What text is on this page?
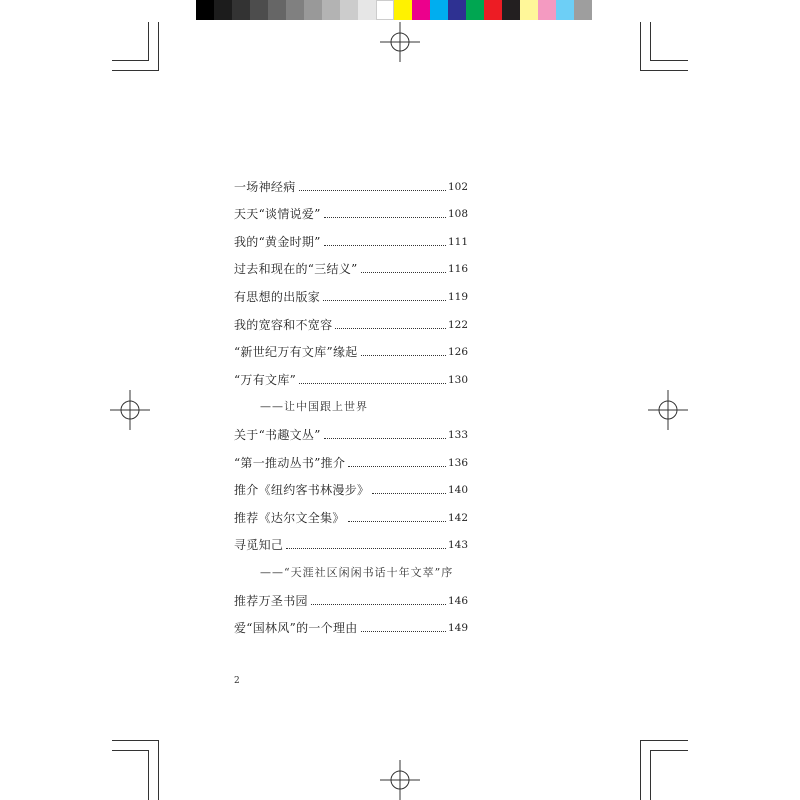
一场神经病	102
天天“谈情说爱”	108
我的“黄金时期”	111
过去和现在的“三结义”	116
有思想的出版家	119
我的宽容和不宽容	122
“新世纪万有文库”缘起	126
“万有文库”	130
——让中国跟上世界
关于“书趣文丛”	133
“第一推动丛书”推介	136
推介《纽约客书林漫步》	140
推荐《达尔文全集》	142
寻觅知己	143
——“天涯社区闲闲书话十年文萃”序
推荐万圣书园	146
爱“国林风”的一个理由	149
2
